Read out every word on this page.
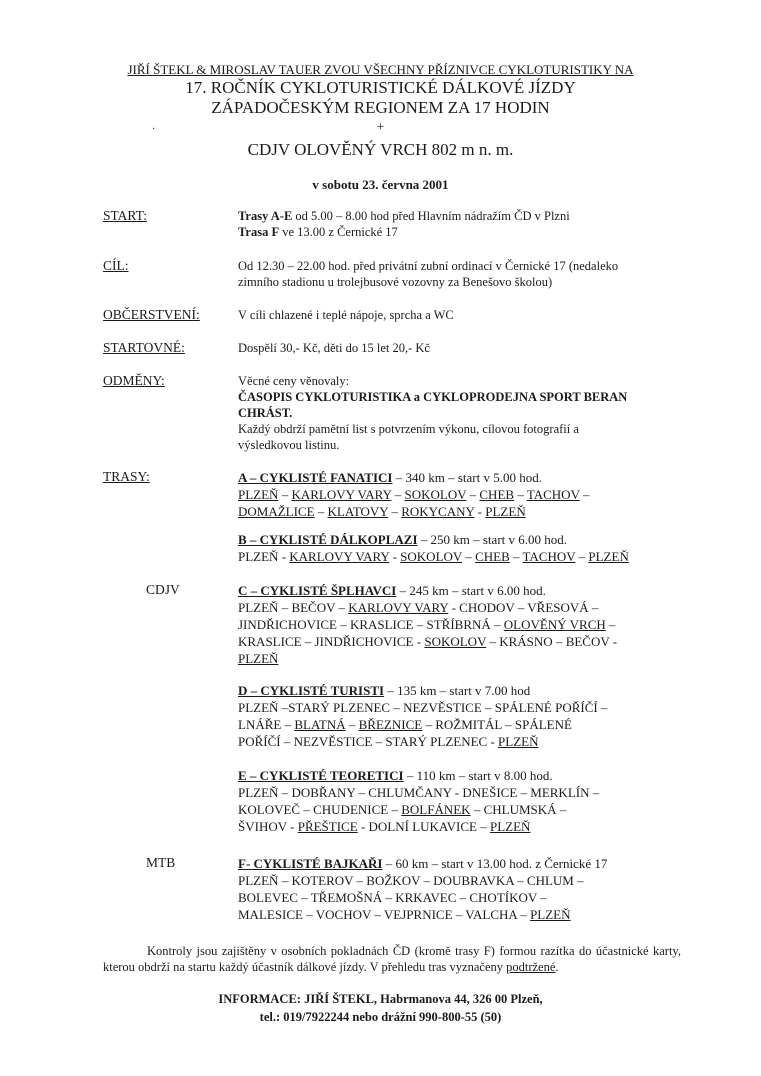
JIŘÍ ŠTEKL & MIROSLAV TAUER ZVOU VŠECHNY PŘÍZNIVCE CYKLOTURISTIKY NA
17. ROČNÍK CYKLOTURISTICKÉ DÁLKOVÉ JÍZDY
ZÁPADOČESKÝM REGIONEM ZA 17 HODIN
·	+
CDJV OLOVĚNÝ VRCH 802 m n. m.
v sobotu 23. června 2001
START:	Trasy A-E od 5.00 – 8.00 hod před Hlavním nádražím ČD v Plzni
Trasa F ve 13.00 z Černické 17
CÍL:	Od 12.30 – 22.00 hod. před privátní zubní ordinací v Černické 17 (nedaleko
zimního stadionu u trolejbusové vozovny za Benešovo školou)
OBČERSTVENÍ:	V cíli chlazené i teplé nápoje, sprcha a WC
STARTOVNÉ:	Dospělí 30,- Kč, děti do 15 let 20,- Kč
ODMĚNY:	Věcné ceny věnovaly:
ČASOPIS CYKLOTURISTIKA a CYKLOPRODEJNA SPORT BERAN
CHRÁST.
Každý obdrží pamětní list s potvrzením výkonu, cílovou fotografií a
výsledkovou listinu.
TRASY:	A – CYKLISTÉ FANATICI – 340 km – start v 5.00 hod.
PLZEŇ – KARLOVY VARY – SOKOLOV – CHEB – TACHOV –
DOMAŽLICE – KLATOVY – ROKYCANY - PLZEŇ
B – CYKLISTÉ DÁLKOPLAZI – 250 km – start v 6.00 hod.
PLZEŇ - KARLOVY VARY - SOKOLOV – CHEB – TACHOV – PLZEŇ
CDJV	C – CYKLISTÉ ŠPLHAVCI – 245 km – start v 6.00 hod.
PLZEŇ – BEČOV – KARLOVY VARY - CHODOV – VŘESOVÁ –
JINDŘICHOVICE – KRASLICE – STŘÍBRNÁ – OLOVĚNÝ VRCH –
KRASLICE – JINDŘICHOVICE - SOKOLOV – KRÁSNO – BEČOV -
PLZEŇ
D – CYKLISTÉ TURISTI – 135 km – start v 7.00 hod
PLZEŇ –STARÝ PLZENEC – NEZVĚSTICE – SPÁLENÉ POŘÍČÍ –
LNÁŘE – BLATNÁ – BŘEZNICE – ROŽMITÁL – SPÁLENÉ
POŘÍČÍ – NEZVĚSTICE – STARÝ PLZENEC - PLZEŇ
E – CYKLISTÉ TEORETICI – 110 km – start v 8.00 hod.
PLZEŇ – DOBŘANY – CHLUMČANY - DNEŠICE – MERKLÍN –
KOLOVEČ – CHUDENICE – BOLFÁNEK – CHLUMSKÁ –
ŠVIHOV - PŘEŠTICE - DOLNÍ LUKAVICE – PLZEŇ
MTB	F- CYKLISTÉ BAJKAŘI – 60 km – start v 13.00 hod. z Černické 17
PLZEŇ – KOTEROV – BOŽKOV – DOUBRAVKA – CHLUM –
BOLEVEC – TŘEMOŠNÁ – KRKAVEC – CHOTÍKOV –
MALESICE – VOCHOV – VEJPRNICE – VALCHA – PLZEŇ
Kontroly jsou zajištěny v osobních pokladnách ČD (kromě trasy F) formou razítka do účastnické karty, kterou obdrží na startu každý účastník dálkové jízdy. V přehledu tras vyznačeny podtržené.
INFORMACE: JIŘÍ ŠTEKL, Habrmanova 44, 326 00 Plzeň,
tel.: 019/7922244 nebo drážní 990-800-55 (50)
